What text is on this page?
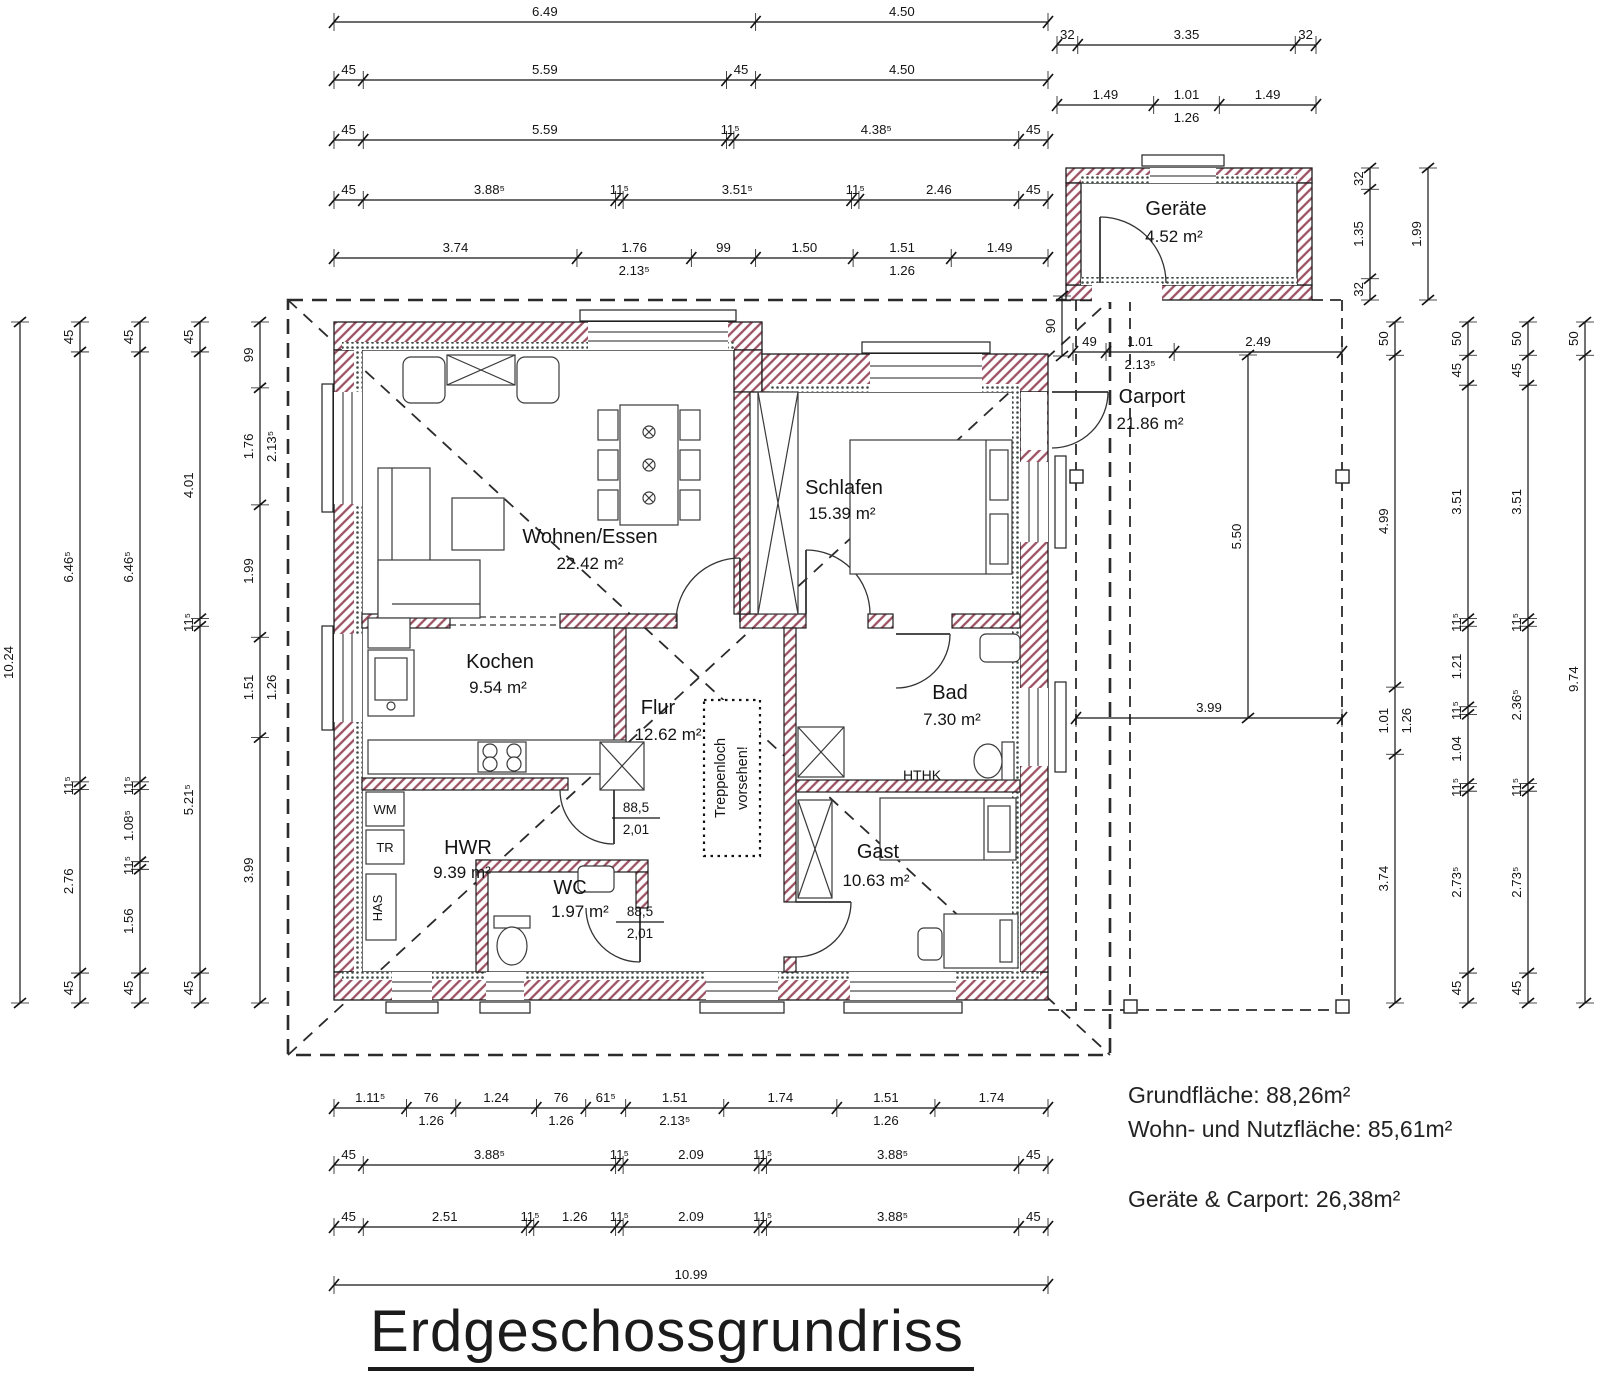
Wohnen/Essen
22.42 m²
Schlafen
15.39 m²
Kochen
9.54 m²
Flur
12.62 m²
Bad
7.30 m²
HWR
9.39 m²
WC
1.97 m²
Gast
10.63 m²
Geräte
4.52 m²
Carport
21.86 m²
WM
TR
HAS
HTHK
Treppenloch vorsehen!
88,5
2,01
88,5
2,01
6.49	4.50
45	5.59	45	4.50
45	5.59	11⁵	4.38⁵	45
45	3.88⁵	11⁵	3.51⁵	11⁵	2.46	45
3.74	1.76
2.13⁵
99	1.50	1.51
1.26
1.49
32	3.35	32
1.49	1.01
1.26
1.49
49 1.01
2.13⁵
2.49
90
5.50
3.99
10.24
45
6.46⁵
11⁵
2.76
45
45
6.46⁵
11⁵
1.08⁵
11⁵
1.56
45
45
4.01
11⁵
5.21⁵
45
99
1.76 2.13⁵
1.99
1.51 1.26
3.99
50
4.99
1.01 1.26
3.74
50
45
3.51
11⁵
1.21
11⁵
1.04
11⁵
2.73⁵
45
50
45
3.51
11⁵
2.36⁵
11⁵
2.73⁵
45
50
9.74
32
1.35
32
1.99
1.11⁵	76
1.26
1.24	76
1.26
61⁵	1.51
2.13⁵
1.74	1.51
1.26
1.74
45	3.88⁵	11⁵	2.09	11⁵	3.88⁵	45
45	2.51	11⁵ 1.26 11⁵	2.09	11⁵	3.88⁵	45
10.99
Erdgeschossgrundriss
Grundfläche: 88,26m²
Wohn- und Nutzfläche: 85,61m²
Geräte & Carport: 26,38m²
